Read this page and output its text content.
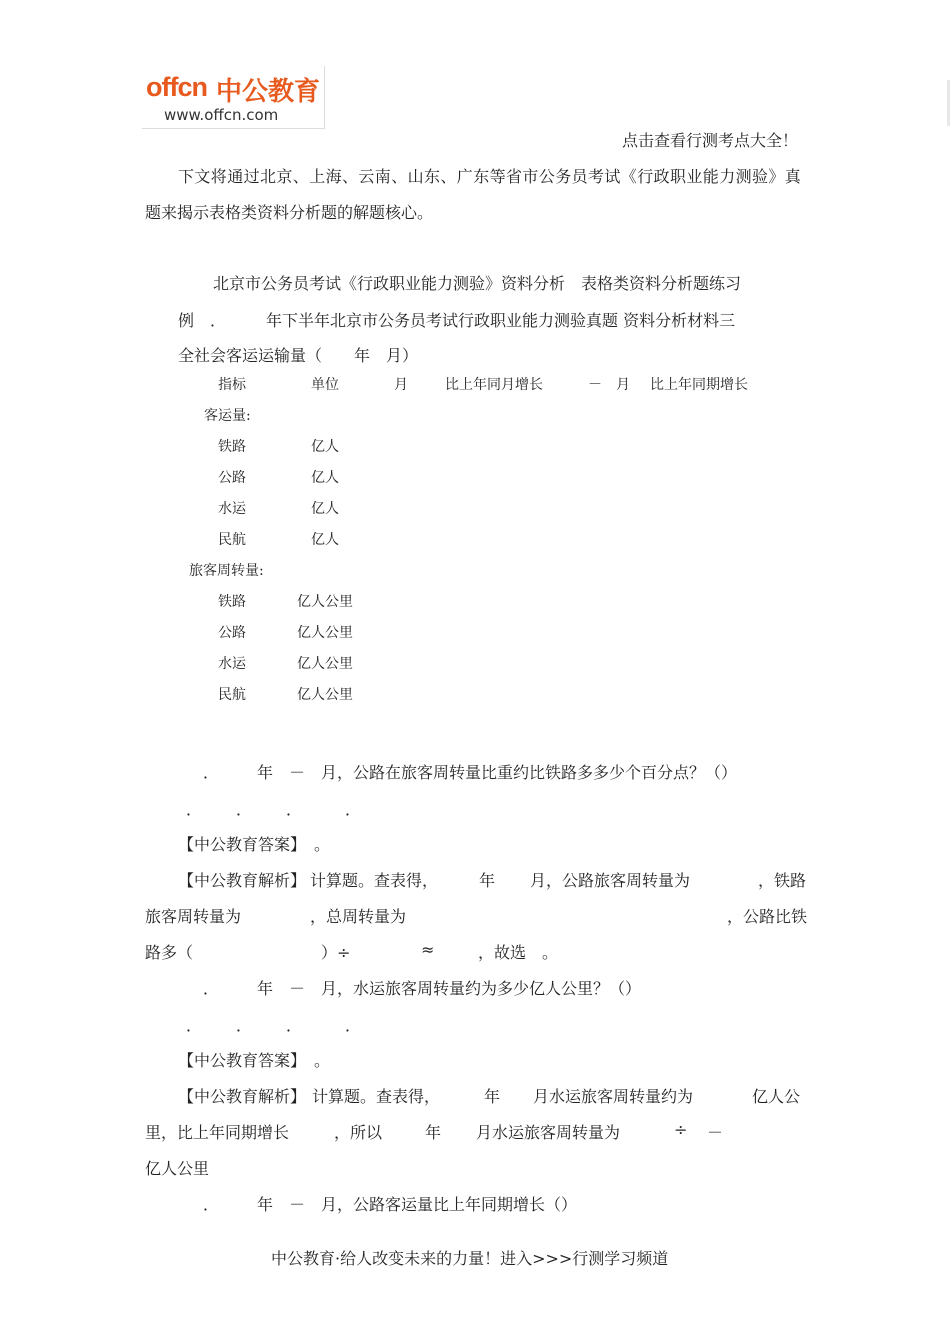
offcn 中公教育
www.offcn.com
点击查看行测考点大全！
下文将通过北京、上海、云南、山东、广东等省市公务员考试《行政职业能力测验》真
题来揭示表格类资料分析题的解题核心。
北京市公务员考试《行政职业能力测验》资料分析　表格类资料分析题练习
例　．　　　年下半年北京市公务员考试行政职业能力测验真题 资料分析材料三
全社会客运运输量（　　年　月）
指标	单位	月	比上年同月增长	－　月 比上年同期增长
客运量:
铁路	亿人
公路	亿人
水运	亿人
民航	亿人
旅客周转量:
铁路	亿人公里
公路	亿人公里
水运	亿人公里
民航	亿人公里
． 年　－　月，公路在旅客周转量比重约比铁路多多少个百分点？（）
． ． ．	．
【中公教育答案】　。
【中公教育解析】 计算题。查表得，	年 月，公路旅客周转量为	，铁路
旅客周转量为	，总周转量为	，公路比铁
路多（	）÷	≈	，故选　。
． 年　－　月，水运旅客周转量约为多少亿人公里？（）
． ． ．	．
【中公教育答案】　。
【中公教育解析】 计算题。查表得，	年 月水运旅客周转量约为	亿人公
里，比上年同期增长	，所以	年 月水运旅客周转量为	÷ －
亿人公里
． 年　－　月，公路客运量比上年同期增长（）
中公教育·给人改变未来的力量！进入>>>行测学习频道
